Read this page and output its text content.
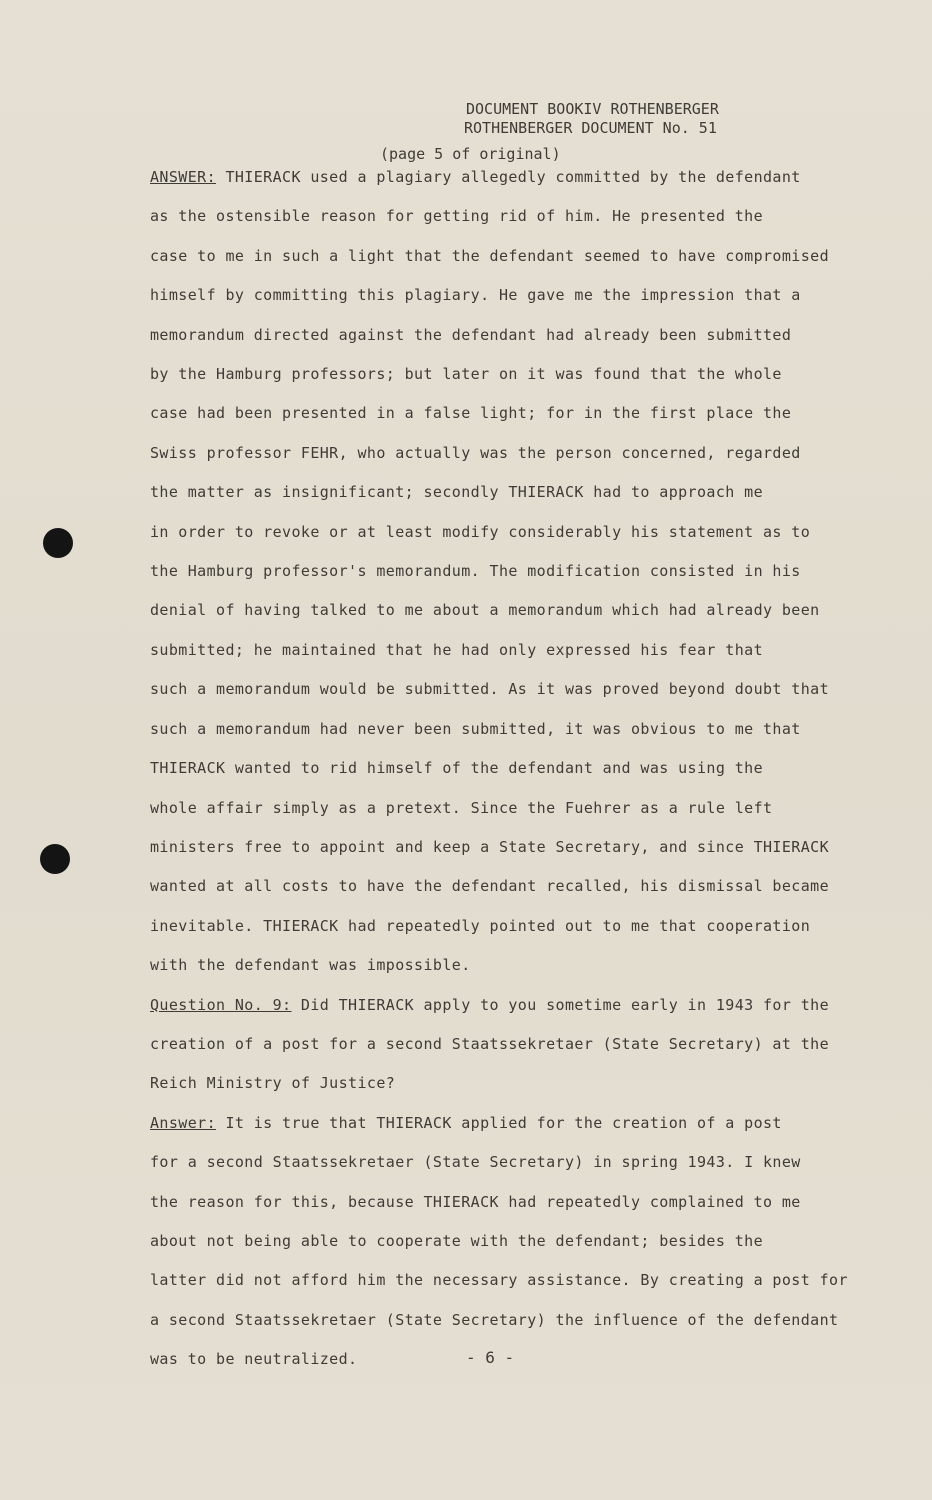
DOCUMENT BOOKIV ROTHENBERGER
ROTHENBERGER DOCUMENT No. 51
(page 5 of original)
ANSWER: THIERACK used a plagiary allegedly committed by the defendant
as the ostensible reason for getting rid of him. He presented the
case to me in such a light that the defendant seemed to have compromised
himself by committing this plagiary. He gave me the impression that a
memorandum directed against the defendant had already been submitted
by the Hamburg professors; but later on it was found that the whole
case had been presented in a false light; for in the first place the
Swiss professor FEHR, who actually was the person concerned, regarded
the matter as insignificant; secondly THIERACK had to approach me
in order to revoke or at least modify considerably his statement as to
the Hamburg professor's memorandum. The modification consisted in his
denial of having talked to me about a memorandum which had already been
submitted; he maintained that he had only expressed his fear that
such a memorandum would be submitted. As it was proved beyond doubt that
such a memorandum had never been submitted, it was obvious to me that
THIERACK wanted to rid himself of the defendant and was using the
whole affair simply as a pretext. Since the Fuehrer as a rule left
ministers free to appoint and keep a State Secretary, and since THIERACK
wanted at all costs to have the defendant recalled, his dismissal became
inevitable. THIERACK had repeatedly pointed out to me that cooperation
with the defendant was impossible.
Question No. 9: Did THIERACK apply to you sometime early in 1943 for the
creation of a post for a second Staatssekretaer (State Secretary) at the
Reich Ministry of Justice?
Answer: It is true that THIERACK applied for the creation of a post
for a second Staatssekretaer (State Secretary) in spring 1943. I knew
the reason for this, because THIERACK had repeatedly complained to me
about not being able to cooperate with the defendant; besides the
latter did not afford him the necessary assistance. By creating a post for
a second Staatssekretaer (State Secretary) the influence of the defendant
was to be neutralized.	- 6 -
